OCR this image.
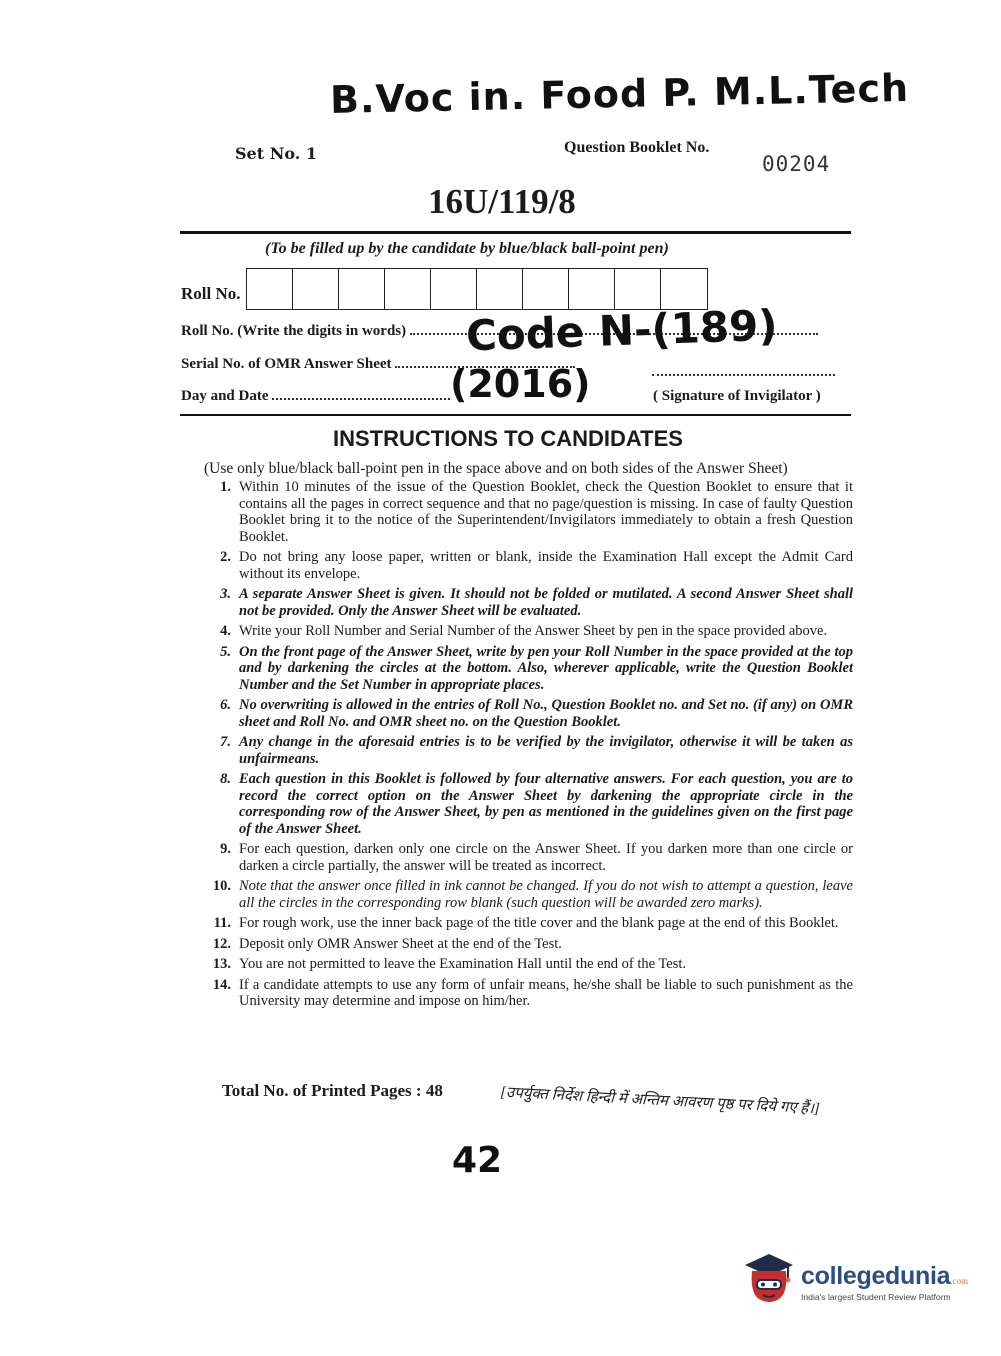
B.Voc in. Food P. M.L.Tech
Set No. 1	Question Booklet No.
00204
16U/119/8
(To be filled up by the candidate by blue/black ball-point pen)
Roll No.
Roll No. (Write the digits in words)
Serial No. of OMR Answer Sheet
Day and Date
Code N-(189)
(2016)	( Signature of Invigilator )
INSTRUCTIONS TO CANDIDATES
(Use only blue/black ball-point pen in the space above and on both sides of the Answer Sheet)
1. Within 10 minutes of the issue of the Question Booklet, check the Question Booklet to ensure that it contains all the pages in correct sequence and that no page/question is missing. In case of faulty Question Booklet bring it to the notice of the Superintendent/Invigilators immediately to obtain a fresh Question Booklet.
2. Do not bring any loose paper, written or blank, inside the Examination Hall except the Admit Card without its envelope.
3. A separate Answer Sheet is given. It should not be folded or mutilated. A second Answer Sheet shall not be provided. Only the Answer Sheet will be evaluated.
4. Write your Roll Number and Serial Number of the Answer Sheet by pen in the space provided above.
5. On the front page of the Answer Sheet, write by pen your Roll Number in the space provided at the top and by darkening the circles at the bottom. Also, wherever applicable, write the Question Booklet Number and the Set Number in appropriate places.
6. No overwriting is allowed in the entries of Roll No., Question Booklet no. and Set no. (if any) on OMR sheet and Roll No. and OMR sheet no. on the Question Booklet.
7. Any change in the aforesaid entries is to be verified by the invigilator, otherwise it will be taken as unfairmeans.
8. Each question in this Booklet is followed by four alternative answers. For each question, you are to record the correct option on the Answer Sheet by darkening the appropriate circle in the corresponding row of the Answer Sheet, by pen as mentioned in the guidelines given on the first page of the Answer Sheet.
9. For each question, darken only one circle on the Answer Sheet. If you darken more than one circle or darken a circle partially, the answer will be treated as incorrect.
10. Note that the answer once filled in ink cannot be changed. If you do not wish to attempt a question, leave all the circles in the corresponding row blank (such question will be awarded zero marks).
11. For rough work, use the inner back page of the title cover and the blank page at the end of this Booklet.
12. Deposit only OMR Answer Sheet at the end of the Test.
13. You are not permitted to leave the Examination Hall until the end of the Test.
14. If a candidate attempts to use any form of unfair means, he/she shall be liable to such punishment as the University may determine and impose on him/her.
Total No. of Printed Pages : 48	[उपर्युक्त निर्देश हिन्दी में अन्तिम आवरण पृष्ठ पर दिये गए हैं।]
42
collegedunia.com
India's largest Student Review Platform
